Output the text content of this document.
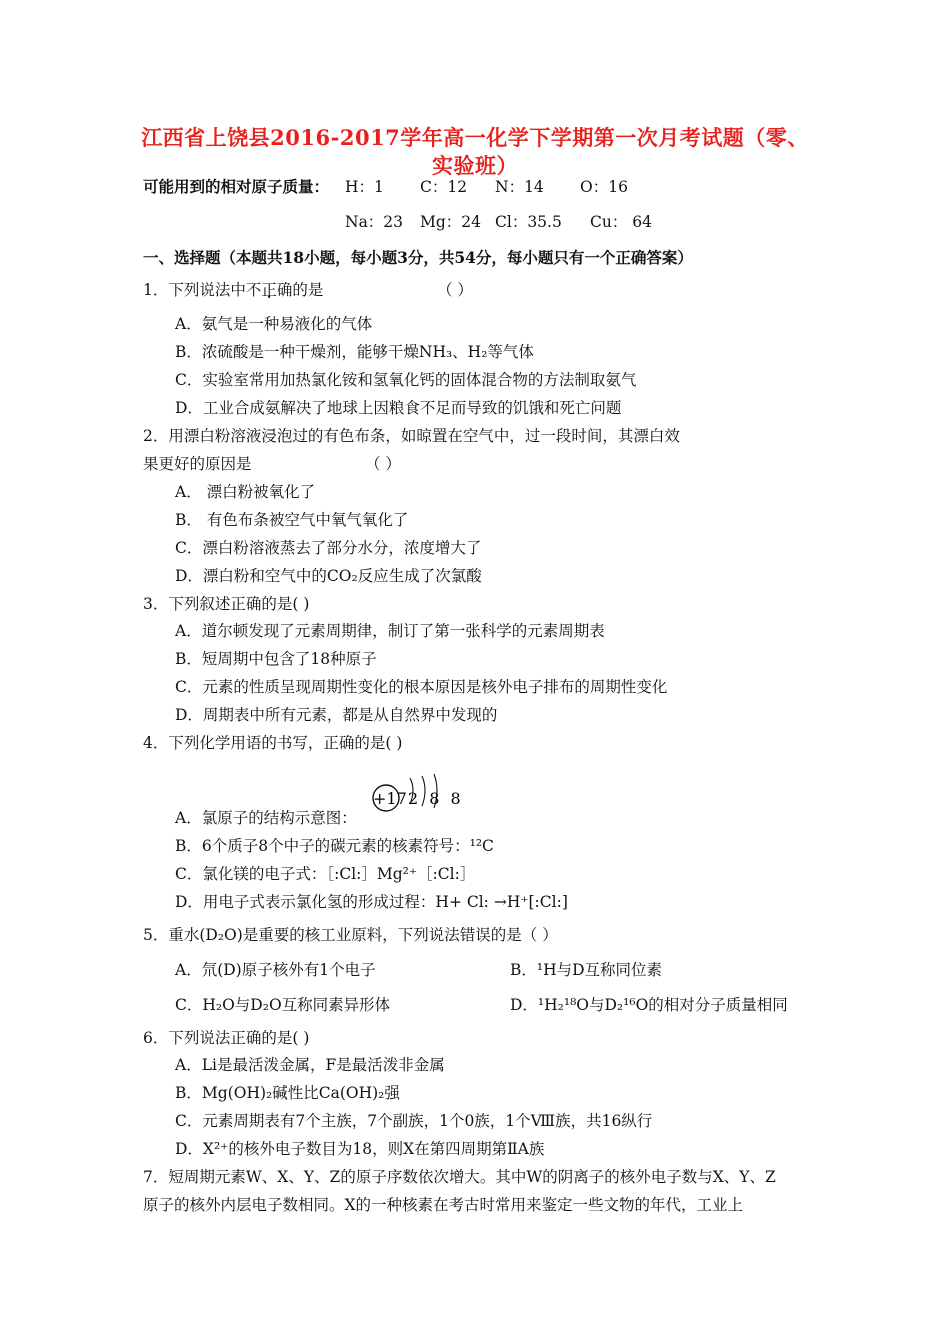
江西省上饶县2016-2017学年高一化学下学期第一次月考试题（零、
实验班）
可能用到的相对原子质量： H：1 C：12 N：14 O：16
Na：23 Mg：24 Cl：35.5 Cu： 64
一、选择题（本题共18小题，每小题3分，共54分，每小题只有一个正确答案）
1．下列说法中不正确的是	（ ）
A．氨气是一种易液化的气体
B．浓硫酸是一种干燥剂，能够干燥NH₃、H₂等气体
C．实验室常用加热氯化铵和氢氧化钙的固体混合物的方法制取氨气
D．工业合成氨解决了地球上因粮食不足而导致的饥饿和死亡问题
2．用漂白粉溶液浸泡过的有色布条，如晾置在空气中，过一段时间，其漂白效
果更好的原因是	（ ）
A． 漂白粉被氧化了
B． 有色布条被空气中氧气氧化了
C．漂白粉溶液蒸去了部分水分，浓度增大了
D．漂白粉和空气中的CO₂反应生成了次氯酸
3．下列叙述正确的是( )
A．道尔顿发现了元素周期律，制订了第一张科学的元素周期表
B．短周期中包含了18种原子
C．元素的性质呈现周期性变化的根本原因是核外电子排布的周期性变化
D．周期表中所有元素，都是从自然界中发现的
4．下列化学用语的书写，正确的是( )
+17 2 8 8
A．氯原子的结构示意图：
B．6个质子8个中子的碳元素的核素符号：¹²C
C．氯化镁的电子式：［:Cl:］Mg²⁺［:Cl:］
D．用电子式表示氯化氢的形成过程：H+ Cl: →H⁺[:Cl:]
5．重水(D₂O)是重要的核工业原料，下列说法错误的是（ ）
A．氘(D)原子核外有1个电子	B．¹H与D互称同位素
C．H₂O与D₂O互称同素异形体	D．¹H₂¹⁸O与D₂¹⁶O的相对分子质量相同
6．下列说法正确的是( )
A．Li是最活泼金属，F是最活泼非金属
B．Mg(OH)₂碱性比Ca(OH)₂强
C．元素周期表有7个主族，7个副族，1个0族，1个Ⅷ族，共16纵行
D．X²⁺的核外电子数目为18，则X在第四周期第ⅡA族
7．短周期元素W、X、Y、Z的原子序数依次增大。其中W的阴离子的核外电子数与X、Y、Z
原子的核外内层电子数相同。X的一种核素在考古时常用来鉴定一些文物的年代，工业上
